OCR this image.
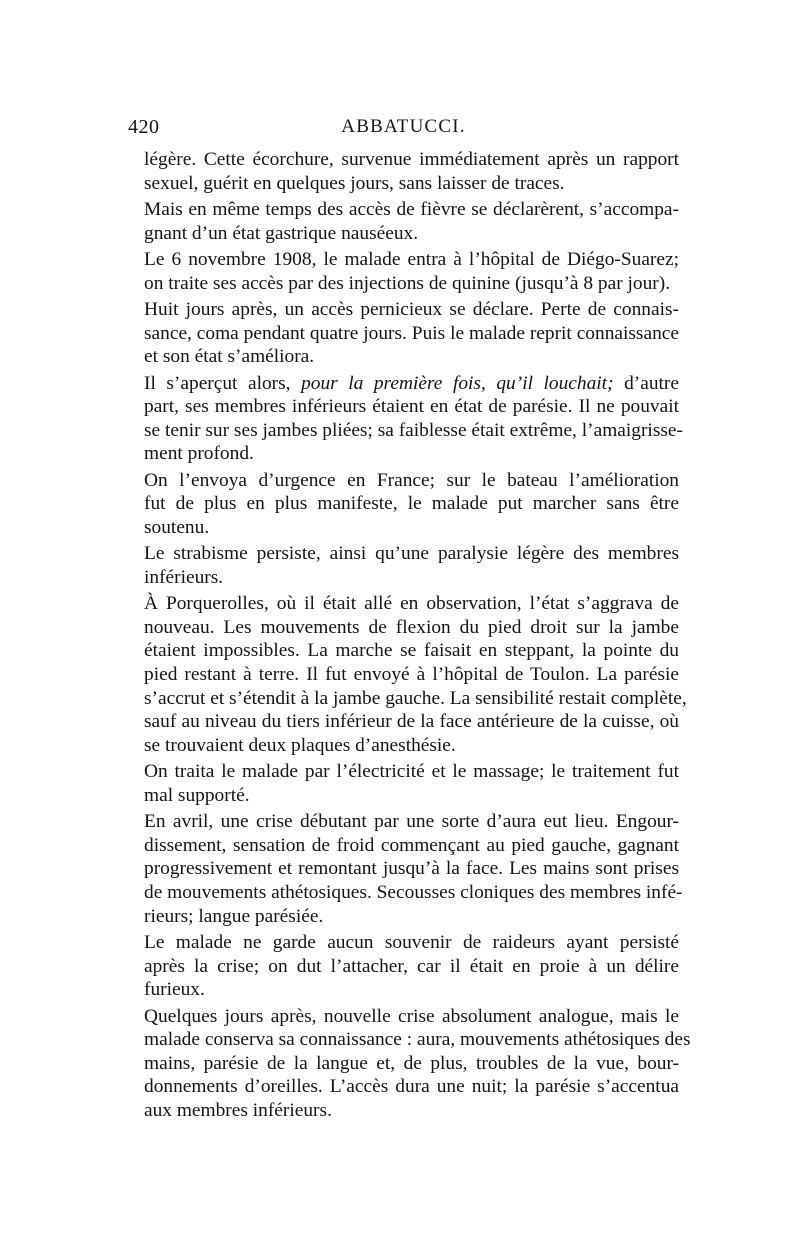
420	ABBATUCCI.

légère. Cette écorchure, survenue immédiatement après un rapport
sexuel, guérit en quelques jours, sans laisser de traces.

Mais en même temps des accès de fièvre se déclarèrent, s’accompa-
gnant d’un état gastrique nauséeux.

Le 6 novembre 1908, le malade entra à l’hôpital de Diégo-Suarez;
on traite ses accès par des injections de quinine (jusqu’à 8 par jour).

Huit jours après, un accès pernicieux se déclare. Perte de connais-
sance, coma pendant quatre jours. Puis le malade reprit connaissance
et son état s’améliora.

Il s’aperçut alors, pour la première fois, qu’il louchait; d’autre
part, ses membres inférieurs étaient en état de parésie. Il ne pouvait
se tenir sur ses jambes pliées; sa faiblesse était extrême, l’amaigrisse-
ment profond.

On l’envoya d’urgence en France; sur le bateau l’amélioration
fut de plus en plus manifeste, le malade put marcher sans être
soutenu.

Le strabisme persiste, ainsi qu’une paralysie légère des membres
inférieurs.

À Porquerolles, où il était allé en observation, l’état s’aggrava de
nouveau. Les mouvements de flexion du pied droit sur la jambe
étaient impossibles. La marche se faisait en steppant, la pointe du
pied restant à terre. Il fut envoyé à l’hôpital de Toulon. La parésie
s’accrut et s’étendit à la jambe gauche. La sensibilité restait complète,
sauf au niveau du tiers inférieur de la face antérieure de la cuisse, où
se trouvaient deux plaques d’anesthésie.

On traita le malade par l’électricité et le massage; le traitement fut
mal supporté.

En avril, une crise débutant par une sorte d’aura eut lieu. Engour-
dissement, sensation de froid commençant au pied gauche, gagnant
progressivement et remontant jusqu’à la face. Les mains sont prises
de mouvements athétosiques. Secousses cloniques des membres infé-
rieurs; langue parésiée.

Le malade ne garde aucun souvenir de raideurs ayant persisté
après la crise; on dut l’attacher, car il était en proie à un délire
furieux.

Quelques jours après, nouvelle crise absolument analogue, mais le
malade conserva sa connaissance : aura, mouvements athétosiques des
mains, parésie de la langue et, de plus, troubles de la vue, bour-
donnements d’oreilles. L’accès dura une nuit; la parésie s’accentua
aux membres inférieurs.
